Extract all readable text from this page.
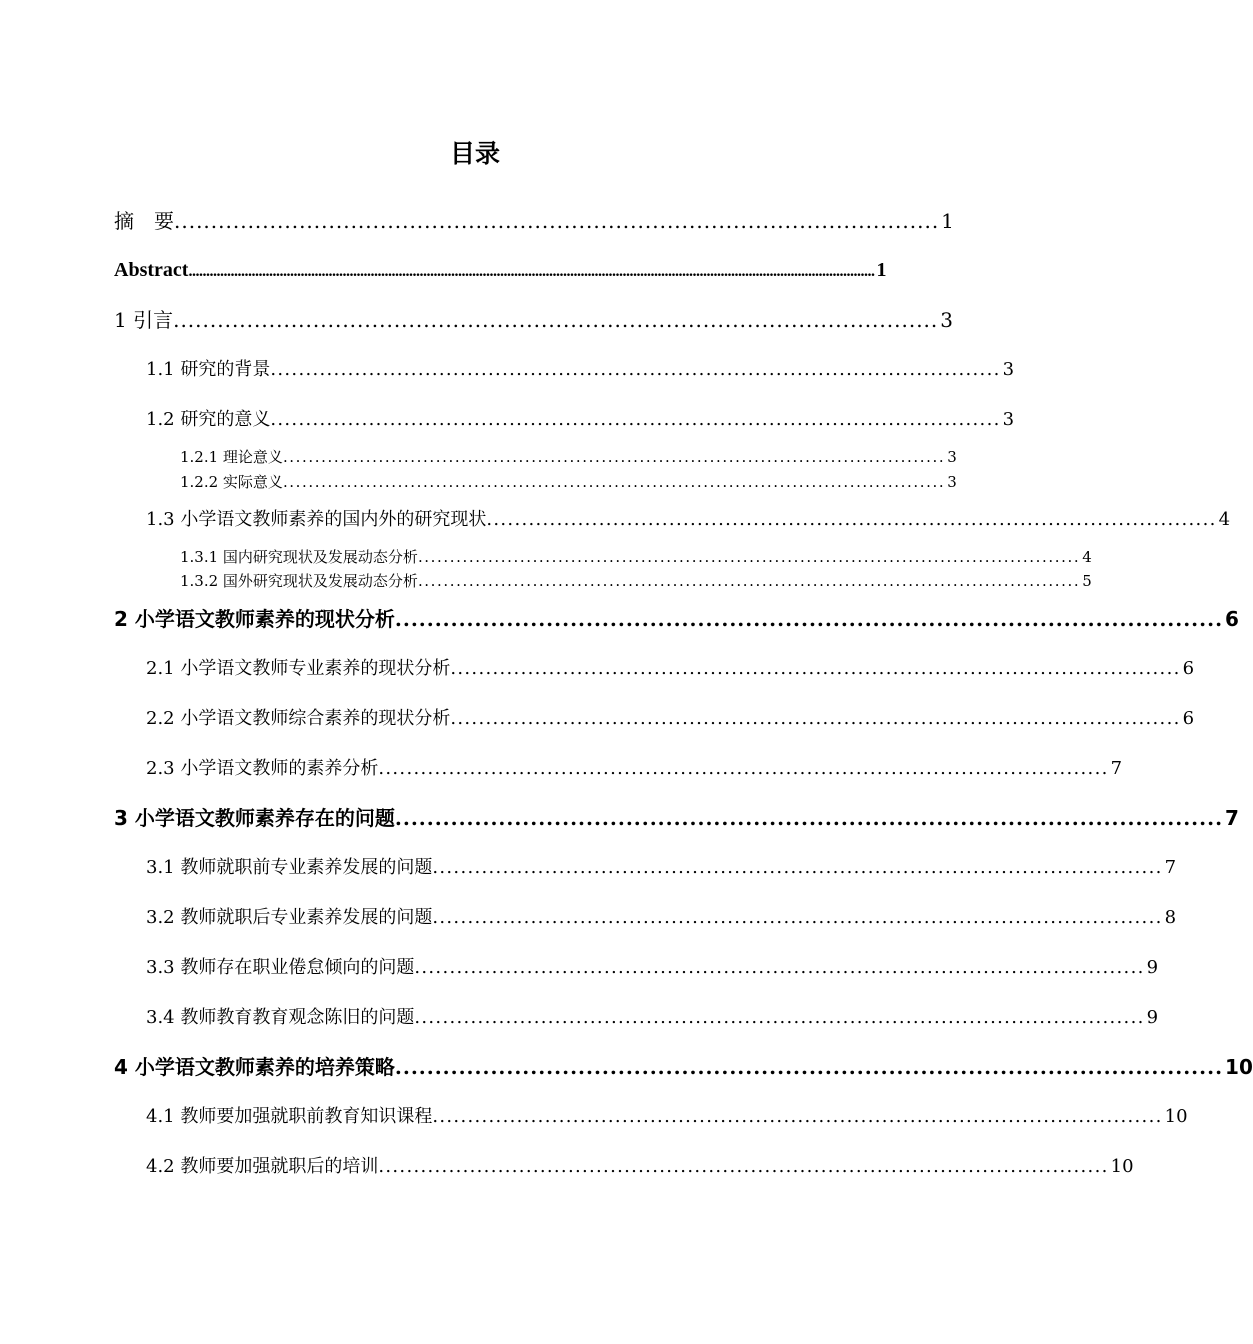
目录
摘　要 ........................................................................................................ 1
Abstract .................................................................................................................................................................................................... 1
1 引言 ........................................................................................................ 3
1.1 研究的背景 ........................................................................................................ 3
1.2 研究的意义 ........................................................................................................ 3
1.2.1 理论意义 ........................................................................................................ 3
1.2.2 实际意义 ........................................................................................................ 3
1.3 小学语文教师素养的国内外的研究现状 ........................................................................................................ 4
1.3.1 国内研究现状及发展动态分析 ........................................................................................................ 4
1.3.2 国外研究现状及发展动态分析 ........................................................................................................ 5
2 小学语文教师素养的现状分析 ........................................................................................................ 6
2.1 小学语文教师专业素养的现状分析 ........................................................................................................ 6
2.2 小学语文教师综合素养的现状分析 ........................................................................................................ 6
2.3 小学语文教师的素养分析 ........................................................................................................ 7
3 小学语文教师素养存在的问题 ........................................................................................................ 7
3.1 教师就职前专业素养发展的问题 ........................................................................................................ 7
3.2 教师就职后专业素养发展的问题 ........................................................................................................ 8
3.3 教师存在职业倦怠倾向的问题 ........................................................................................................ 9
3.4 教师教育教育观念陈旧的问题 ........................................................................................................ 9
4 小学语文教师素养的培养策略 ........................................................................................................ 10
4.1 教师要加强就职前教育知识课程 ........................................................................................................ 10
4.2 教师要加强就职后的培训 ........................................................................................................ 10
